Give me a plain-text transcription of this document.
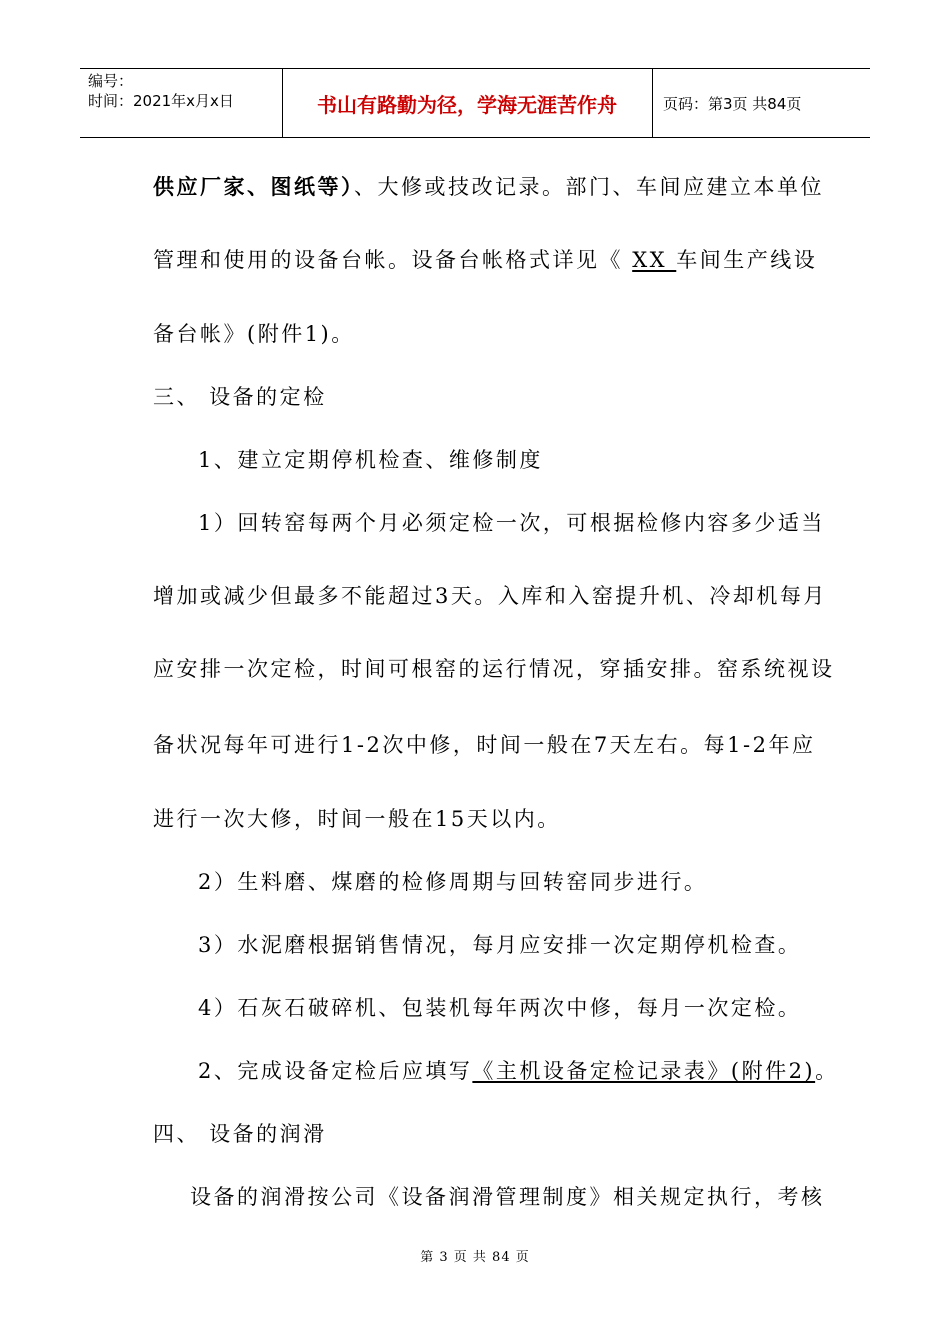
编号：
时间：2021年x月x日	书山有路勤为径，学海无涯苦作舟	页码：第3页 共84页
供应厂家、图纸等）、大修或技改记录。部门、车间应建立本单位
管理和使用的设备台帐。设备台帐格式详见《 XX 车间生产线设
备台帐》(附件1)。
三、 设备的定检
1、建立定期停机检查、维修制度
1）回转窑每两个月必须定检一次，可根据检修内容多少适当
增加或减少但最多不能超过3天。入库和入窑提升机、冷却机每月
应安排一次定检，时间可根窑的运行情况，穿插安排。窑系统视设
备状况每年可进行1-2次中修，时间一般在7天左右。每1-2年应
进行一次大修，时间一般在15天以内。
2）生料磨、煤磨的检修周期与回转窑同步进行。
3）水泥磨根据销售情况，每月应安排一次定期停机检查。
4）石灰石破碎机、包装机每年两次中修，每月一次定检。
2、完成设备定检后应填写《主机设备定检记录表》(附件2)。
四、 设备的润滑
设备的润滑按公司《设备润滑管理制度》相关规定执行，考核
第 3 页 共 84 页
